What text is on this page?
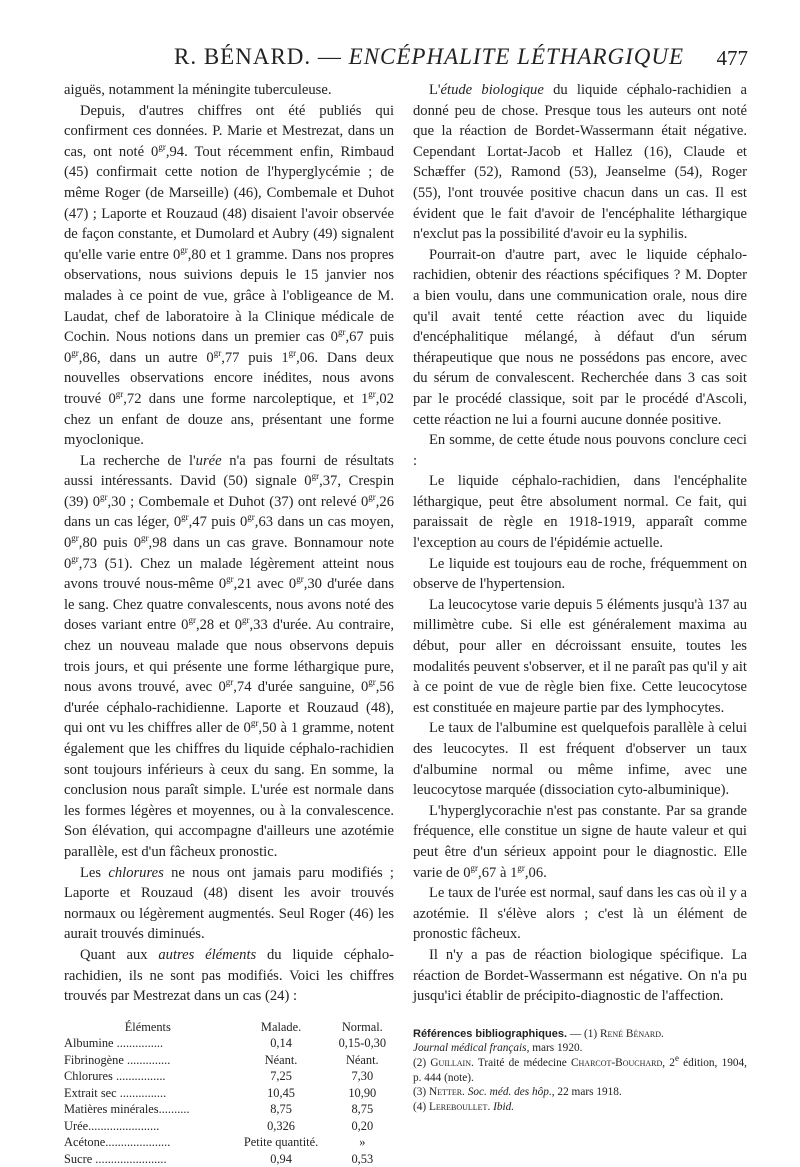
R. BÉNARD. — ENCÉPHALITE LÉTHARGIQUE 477

aiguës, notamment la méningite tuberculeuse.

Depuis, d'autres chiffres ont été publiés qui confirment ces données. P. Marie et Mestrezat, dans un cas, ont noté $0^{gr},94$. Tout récemment enfin, Rimbaud (45) confirmait cette notion de l'hyperglycémie ; de même Roger (de Marseille) (46), Combemale et Duhot (47) ; Laporte et Rouzaud (48) disaient l'avoir observée de façon constante, et Dumolard et Aubry (49) signalent qu'elle varie entre $0^{gr},80$ et 1 gramme. Dans nos propres observations, nous suivions depuis le 15 janvier nos malades à ce point de vue, grâce à l'obligeance de M. Laudat, chef de laboratoire à la Clinique médicale de Cochin. Nous notions dans un premier cas $0^{gr},67$ puis $0^{gr},86$, dans un autre $0^{gr},77$ puis $1^{gr},06$. Dans deux nouvelles observations encore inédites, nous avons trouvé $0^{gr},72$ dans une forme narcoleptique, et $1^{gr},02$ chez un enfant de douze ans, présentant une forme myoclonique.

La recherche de l'urée n'a pas fourni de résultats aussi intéressants. David (50) signale $0^{gr},37$, Crespin (39) $0^{gr},30$ ; Combemale et Duhot (37) ont relevé $0^{gr},26$ dans un cas léger, $0^{gr},47$ puis $0^{gr},63$ dans un cas moyen, $0^{gr},80$ puis $0^{gr},98$ dans un cas grave. Bonnamour note $0^{gr},73$ (51). Chez un malade légèrement atteint nous avons trouvé nous-même $0^{gr},21$ avec $0^{gr},30$ d'urée dans le sang. Chez quatre convalescents, nous avons noté des doses variant entre $0^{gr},28$ et $0^{gr},33$ d'urée. Au contraire, chez un nouveau malade que nous observons depuis trois jours, et qui présente une forme léthargique pure, nous avons trouvé, avec $0^{gr},74$ d'urée sanguine, $0^{gr},56$ d'urée céphalo-rachidienne. Laporte et Rouzaud (48), qui ont vu les chiffres aller de $0^{gr},50$ à 1 gramme, notent également que les chiffres du liquide céphalo-rachidien sont toujours inférieurs à ceux du sang. En somme, la conclusion nous paraît simple. L'urée est normale dans les formes légères et moyennes, ou à la convalescence. Son élévation, qui accompagne d'ailleurs une azotémie parallèle, est d'un fâcheux pronostic.

Les chlorures ne nous ont jamais paru modifiés ; Laporte et Rouzaud (48) disent les avoir trouvés normaux ou légèrement augmentés. Seul Roger (46) les aurait trouvés diminués.

Quant aux autres éléments du liquide céphalo-rachidien, ils ne sont pas modifiés. Voici les chiffres trouvés par Mestrezat dans un cas (24) :

Éléments	Malade.	Normal.
Albumine ...............	0,14	0,15-0,30
Fibrinogène ..............	Néant.	Néant.
Chlorures ................	7,25	7,30
Extrait sec ...............	10,45	10,90
Matières minérales..........	8,75	8,75
Urée.......................	0,326	0,20
Acétone.....................	Petite quantité.	»
Sucre .......................	0,94	0,53

L'étude biologique du liquide céphalo-rachidien a donné peu de chose. Presque tous les auteurs ont noté que la réaction de Bordet-Wassermann était négative. Cependant Lortat-Jacob et Hallez (16), Claude et Schæffer (52), Ramond (53), Jeanselme (54), Roger (55), l'ont trouvée positive chacun dans un cas. Il est évident que le fait d'avoir de l'encéphalite léthargique n'exclut pas la possibilité d'avoir eu la syphilis.

Pourrait-on d'autre part, avec le liquide céphalo-rachidien, obtenir des réactions spécifiques ? M. Dopter a bien voulu, dans une communication orale, nous dire qu'il avait tenté cette réaction avec du liquide d'encéphalitique mélangé, à défaut d'un sérum thérapeutique que nous ne possédons pas encore, avec du sérum de convalescent. Recherchée dans 3 cas soit par le procédé classique, soit par le procédé d'Ascoli, cette réaction ne lui a fourni aucune donnée positive.

En somme, de cette étude nous pouvons conclure ceci :

Le liquide céphalo-rachidien, dans l'encéphalite léthargique, peut être absolument normal. Ce fait, qui paraissait de règle en 1918-1919, apparaît comme l'exception au cours de l'épidémie actuelle.

Le liquide est toujours eau de roche, fréquemment on observe de l'hypertension.

La leucocytose varie depuis 5 éléments jusqu'à 137 au millimètre cube. Si elle est généralement maxima au début, pour aller en décroissant ensuite, toutes les modalités peuvent s'observer, et il ne paraît pas qu'il y ait à ce point de vue de règle bien fixe. Cette leucocytose est constituée en majeure partie par des lymphocytes.

Le taux de l'albumine est quelquefois parallèle à celui des leucocytes. Il est fréquent d'observer un taux d'albumine normal ou même infime, avec une leucocytose marquée (dissociation cyto-albuminique).

L'hyperglycorachie n'est pas constante. Par sa grande fréquence, elle constitue un signe de haute valeur et qui peut être d'un sérieux appoint pour le diagnostic. Elle varie de $0^{gr},67$ à $1^{gr},06$.

Le taux de l'urée est normal, sauf dans les cas où il y a azotémie. Il s'élève alors ; c'est là un élément de pronostic fâcheux.

Il n'y a pas de réaction biologique spécifique. La réaction de Bordet-Wassermann est négative. On n'a pu jusqu'ici établir de précipito-diagnostic de l'affection.

Références bibliographiques. — (1) René Bénard.
Journal médical français, mars 1920.

(2) Guillain. Traité de médecine Charcot-Bouchard, 2e édition, 1904, p. 444 (note).

(3) Netter. Soc. méd. des hôp., 22 mars 1918.

(4) Lereboullet. Ibid.
